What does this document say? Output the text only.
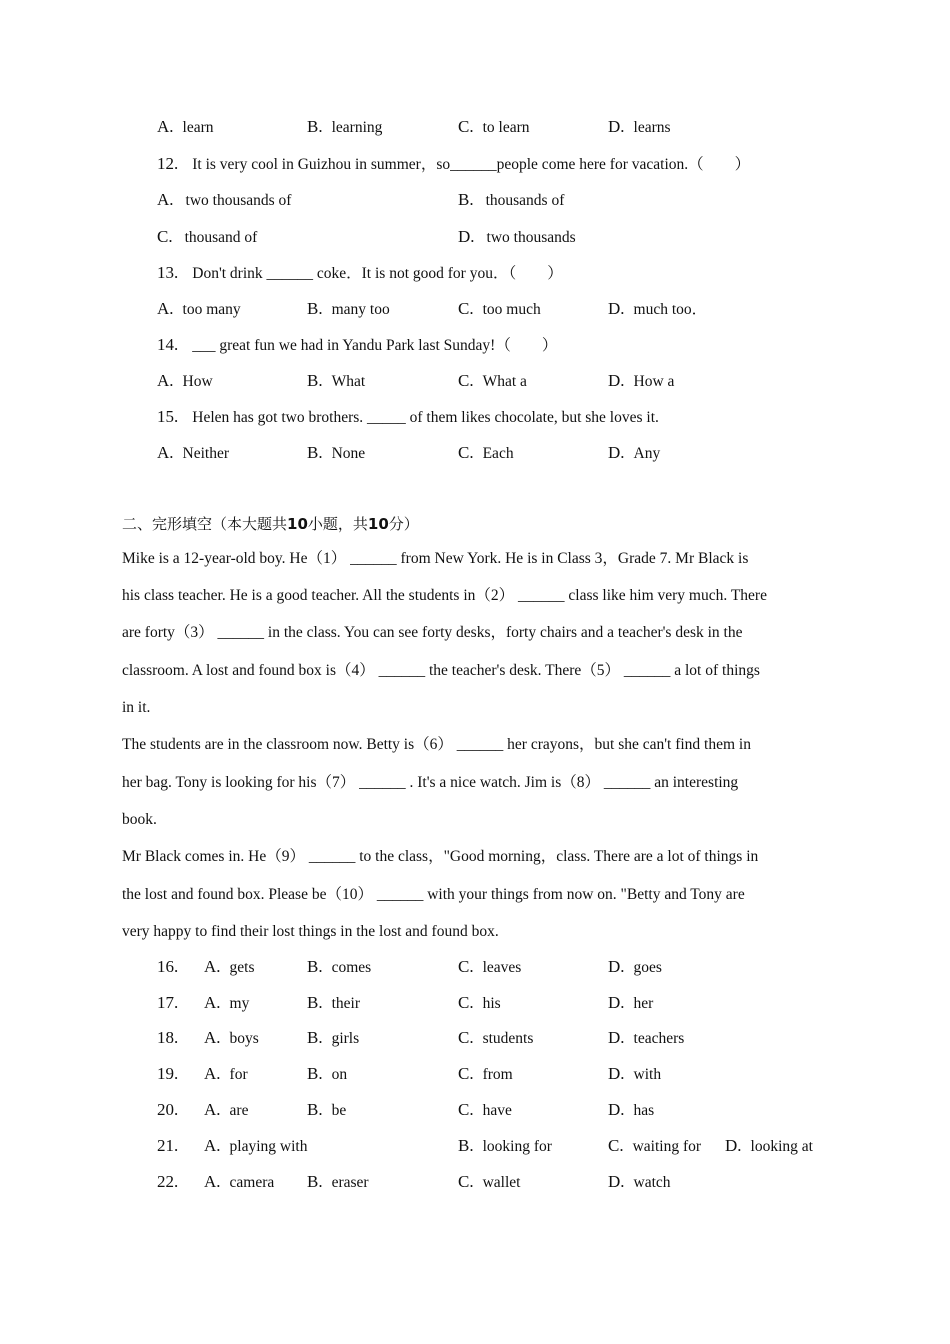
A. learn	B. learning	C. to learn	D. learns
12. It is very cool in Guizhou in summer，so______people come here for vacation.（　　）
A. two thousands of	B. thousands of
C. thousand of	D. two thousands
13. Don't drink ______ coke．It is not good for you．（　　）
A. too many	B. many too	C. too much	D. much too．
14. ___ great fun we had in Yandu Park last Sunday!（　　）
A. How	B. What	C. What a	D. How a
15. Helen has got two brothers. _____ of them likes chocolate, but she loves it.
A. Neither	B. None	C. Each	D. Any
二、完形填空（本大题共10小题，共10分）
Mike is a 12-year-old boy. He（1） ______ from New York. He is in Class 3，Grade 7. Mr Black is
his class teacher. He is a good teacher. All the students in（2） ______ class like him very much. There
are forty（3） ______ in the class. You can see forty desks，forty chairs and a teacher's desk in the
classroom. A lost and found box is（4） ______ the teacher's desk. There（5） ______ a lot of things
in it.
The students are in the classroom now. Betty is（6） ______ her crayons，but she can't find them in
her bag. Tony is looking for his（7） ______ . It's a nice watch. Jim is（8） ______ an interesting
book.
Mr Black comes in. He（9） ______ to the class，"Good morning，class. There are a lot of things in
the lost and found box. Please be（10） ______ with your things from now on. "Betty and Tony are
very happy to find their lost things in the lost and found box.
16. A. gets	B. comes	C. leaves	D. goes
17. A. my	B. their	C. his	D. her
18. A. boys	B. girls	C. students	D. teachers
19. A. for	B. on	C. from	D. with
20. A. are	B. be	C. have	D. has
21. A. playing with	B. looking for	C. waiting for D. looking at
22. A. camera B. eraser	C. wallet	D. watch
